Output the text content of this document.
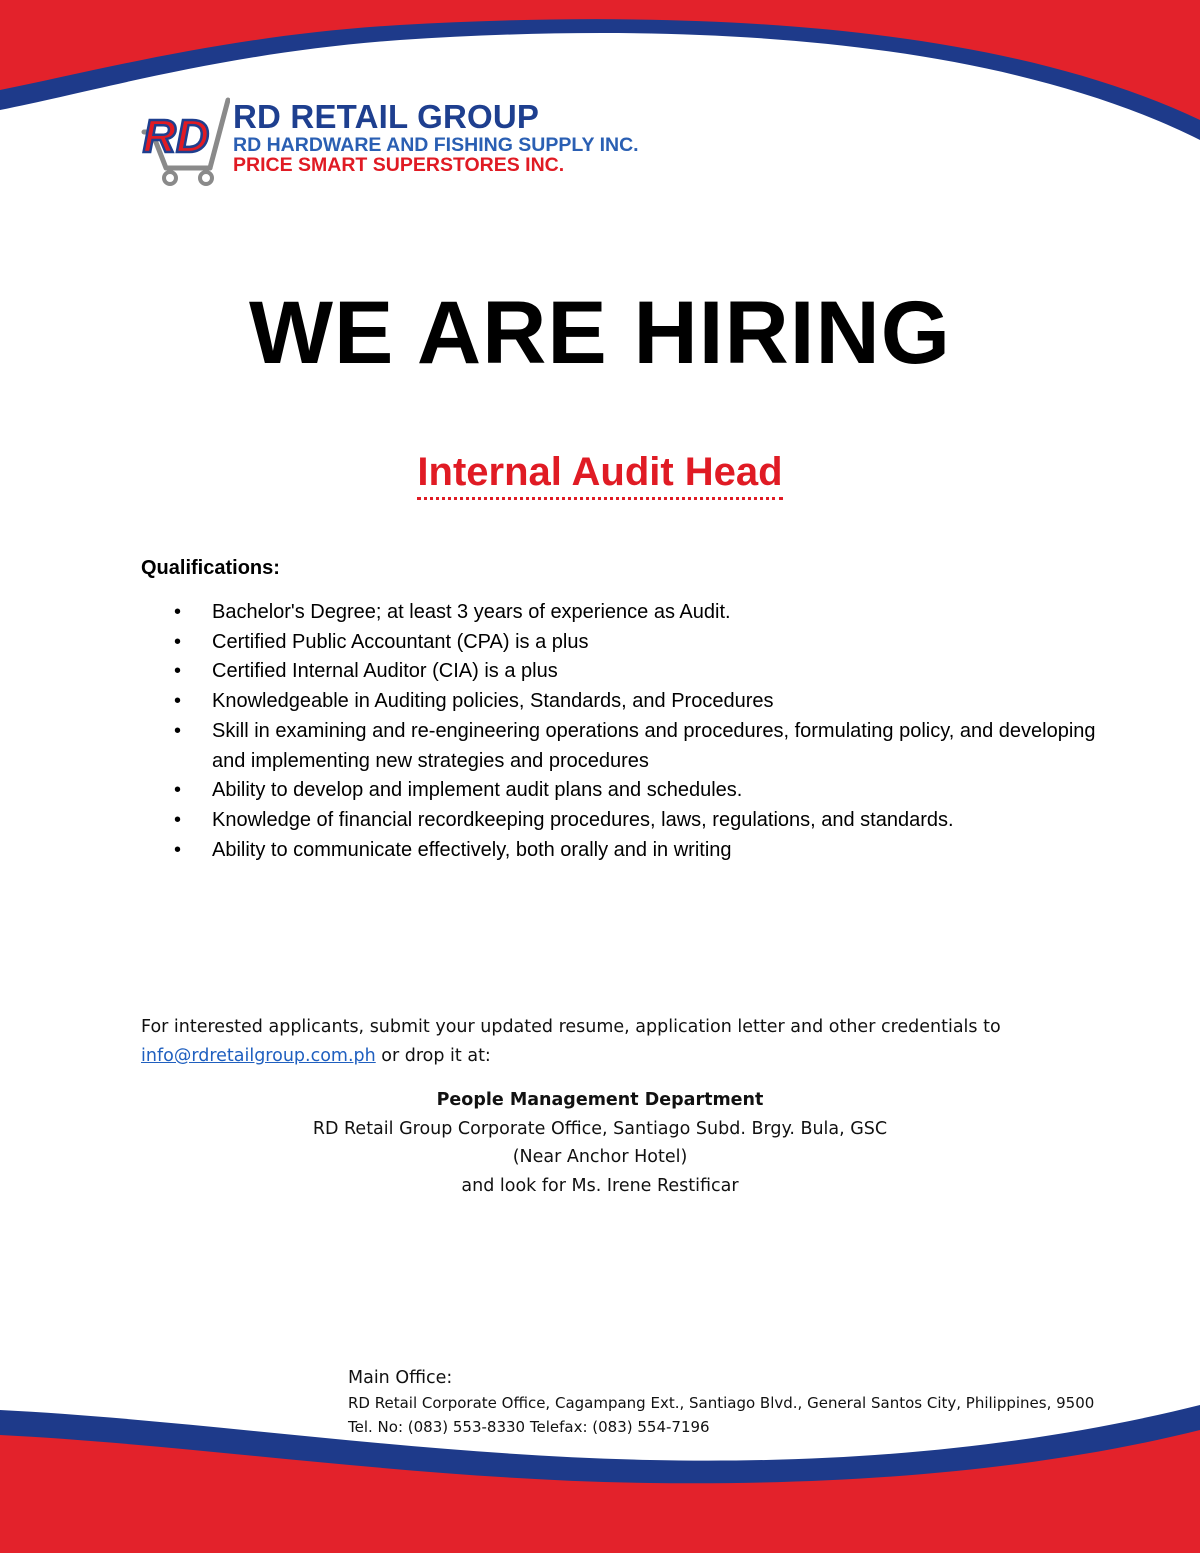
RD RD RETAIL GROUP
RD HARDWARE AND FISHING SUPPLY INC.
PRICE SMART SUPERSTORES INC.
WE ARE HIRING
Internal Audit Head
Qualifications:
• Bachelor's Degree; at least 3 years of experience as Audit.
• Certified Public Accountant (CPA) is a plus
• Certified Internal Auditor (CIA) is a plus
• Knowledgeable in Auditing policies, Standards, and Procedures
• Skill in examining and re-engineering operations and procedures, formulating policy, and developing and implementing new strategies and procedures
• Ability to develop and implement audit plans and schedules.
• Knowledge of financial recordkeeping procedures, laws, regulations, and standards.
• Ability to communicate effectively, both orally and in writing
For interested applicants, submit your updated resume, application letter and other credentials to
info@rdretailgroup.com.ph or drop it at:
People Management Department
RD Retail Group Corporate Office, Santiago Subd. Brgy. Bula, GSC
(Near Anchor Hotel)
and look for Ms. Irene Restificar
Main Office:
RD Retail Corporate Office, Cagampang Ext., Santiago Blvd., General Santos City, Philippines, 9500
Tel. No: (083) 553-8330 Telefax: (083) 554-7196
